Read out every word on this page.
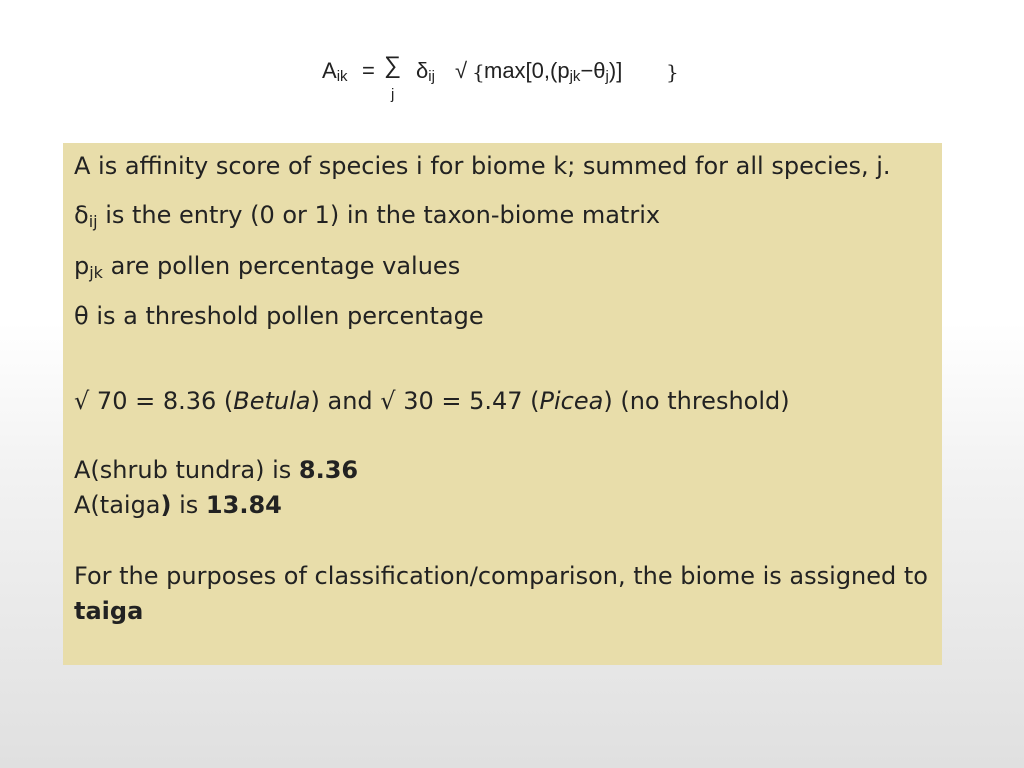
$A_{ik}$ = ∑
j
$\delta_{ij}$ √ { $\max[0,(p_{jk}-\theta_j)]$ }

A is affinity score of species i for biome k; summed for all species, j.

$\delta_{ij}$ is the entry (0 or 1) in the taxon-biome matrix

$p_{jk}$ are pollen percentage values

θ is a threshold pollen percentage

√ 70 = 8.36 (Betula) and √ 30 = 5.47 (Picea) (no threshold)

A(shrub tundra) is 8.36

A(taiga) is 13.84

For the purposes of classification/comparison, the biome is assigned to taiga
